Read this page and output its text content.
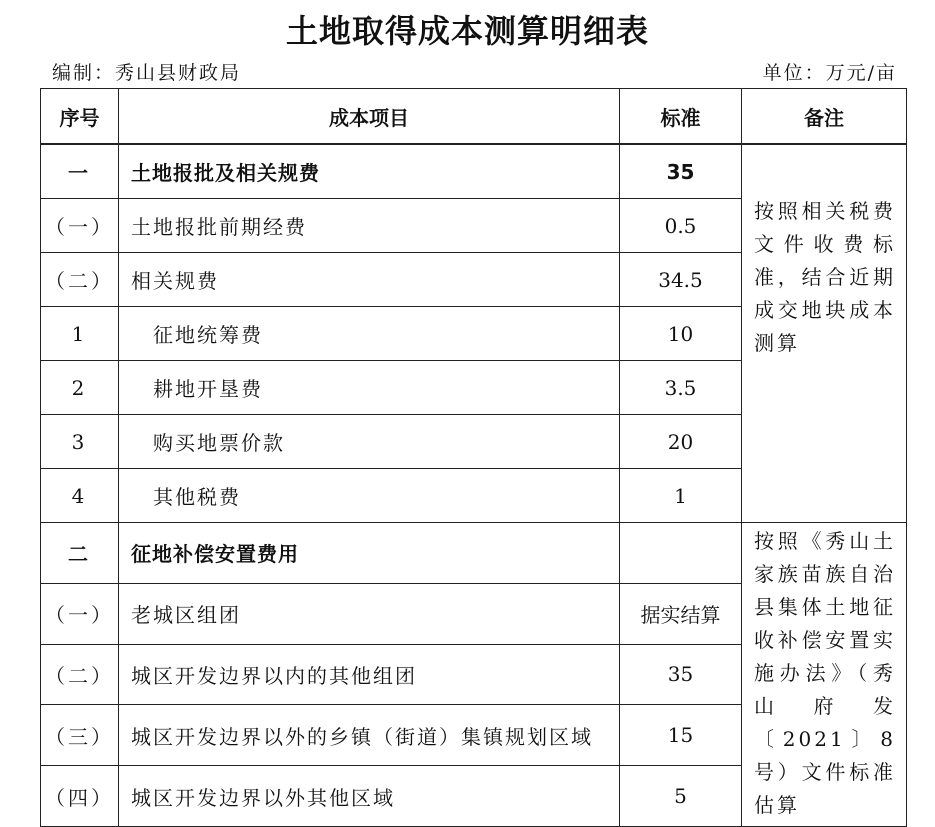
土地取得成本测算明细表
编制：秀山县财政局	单位：万元/亩
序号	成本项目	标准	备注
一	土地报批及相关规费	35	按照相关税费文件收费标准，结合近期成交地块成本测算
（一）	土地报批前期经费	0.5	
（二）	相关规费	34.5	
1	征地统筹费	10	
2	耕地开垦费	3.5	
3	购买地票价款	20	
4	其他税费	1	
二	征地补偿安置费用		按照《秀山土家族苗族自治县集体土地征收补偿安置实施办法》（秀山府发〔2021〕8号）文件标准估算
（一）	老城区组团	据实结算	
（二）	城区开发边界以内的其他组团	35	
（三）	城区开发边界以外的乡镇（街道）集镇规划区域	15	
（四）	城区开发边界以外其他区域	5	
